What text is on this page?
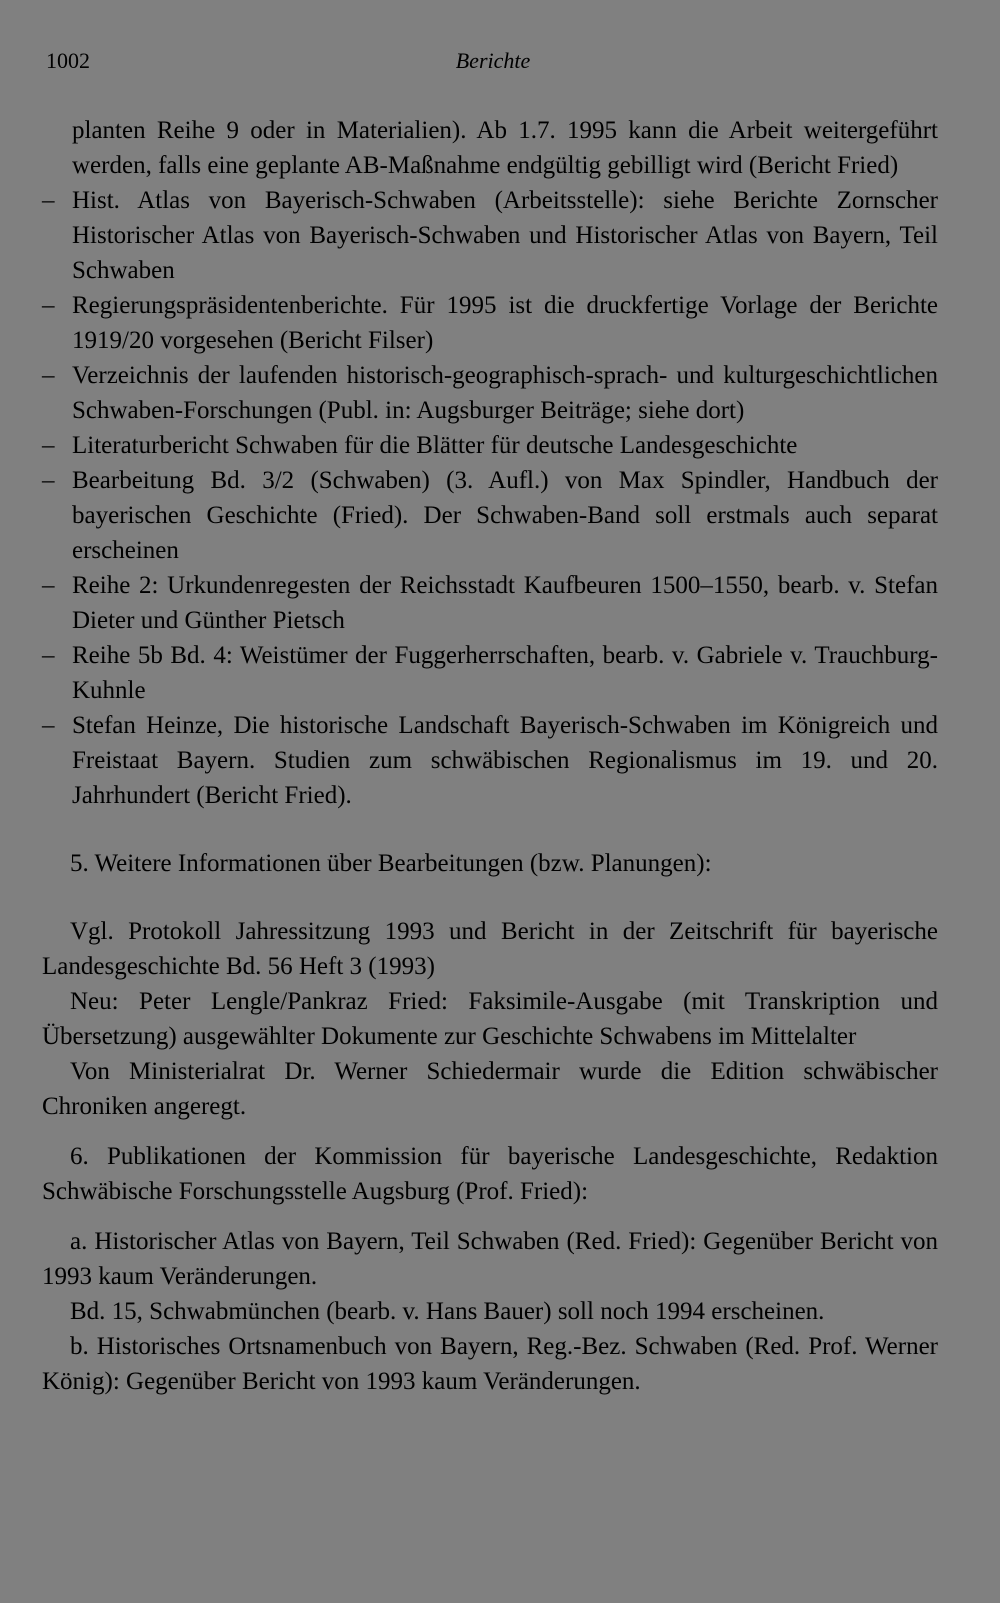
1002	Berichte

planten Reihe 9 oder in Materialien). Ab 1.7. 1995 kann die Arbeit weitergeführt werden, falls eine geplante AB-Maßnahme endgültig gebilligt wird (Bericht Fried)

– Hist. Atlas von Bayerisch-Schwaben (Arbeitsstelle): siehe Berichte Zornscher Historischer Atlas von Bayerisch-Schwaben und Historischer Atlas von Bayern, Teil Schwaben
– Regierungspräsidentenberichte. Für 1995 ist die druckfertige Vorlage der Berichte 1919/20 vorgesehen (Bericht Filser)
– Verzeichnis der laufenden historisch-geographisch-sprach- und kulturgeschichtlichen Schwaben-Forschungen (Publ. in: Augsburger Beiträge; siehe dort)
– Literaturbericht Schwaben für die Blätter für deutsche Landesgeschichte
– Bearbeitung Bd. 3/2 (Schwaben) (3. Aufl.) von Max Spindler, Handbuch der bayerischen Geschichte (Fried). Der Schwaben-Band soll erstmals auch separat erscheinen
– Reihe 2: Urkundenregesten der Reichsstadt Kaufbeuren 1500–1550, bearb. v. Stefan Dieter und Günther Pietsch
– Reihe 5b Bd. 4: Weistümer der Fuggerherrschaften, bearb. v. Gabriele v. Trauchburg-Kuhnle
– Stefan Heinze, Die historische Landschaft Bayerisch-Schwaben im Königreich und Freistaat Bayern. Studien zum schwäbischen Regionalismus im 19. und 20. Jahrhundert (Bericht Fried).

5. Weitere Informationen über Bearbeitungen (bzw. Planungen):

Vgl. Protokoll Jahressitzung 1993 und Bericht in der Zeitschrift für bayerische Landesgeschichte Bd. 56 Heft 3 (1993)

Neu: Peter Lengle/Pankraz Fried: Faksimile-Ausgabe (mit Transkription und Übersetzung) ausgewählter Dokumente zur Geschichte Schwabens im Mittelalter

Von Ministerialrat Dr. Werner Schiedermair wurde die Edition schwäbischer Chroniken angeregt.

6. Publikationen der Kommission für bayerische Landesgeschichte, Redaktion Schwäbische Forschungsstelle Augsburg (Prof. Fried):

a. Historischer Atlas von Bayern, Teil Schwaben (Red. Fried): Gegenüber Bericht von 1993 kaum Veränderungen.

Bd. 15, Schwabmünchen (bearb. v. Hans Bauer) soll noch 1994 erscheinen.

b. Historisches Ortsnamenbuch von Bayern, Reg.-Bez. Schwaben (Red. Prof. Werner König): Gegenüber Bericht von 1993 kaum Veränderungen.
